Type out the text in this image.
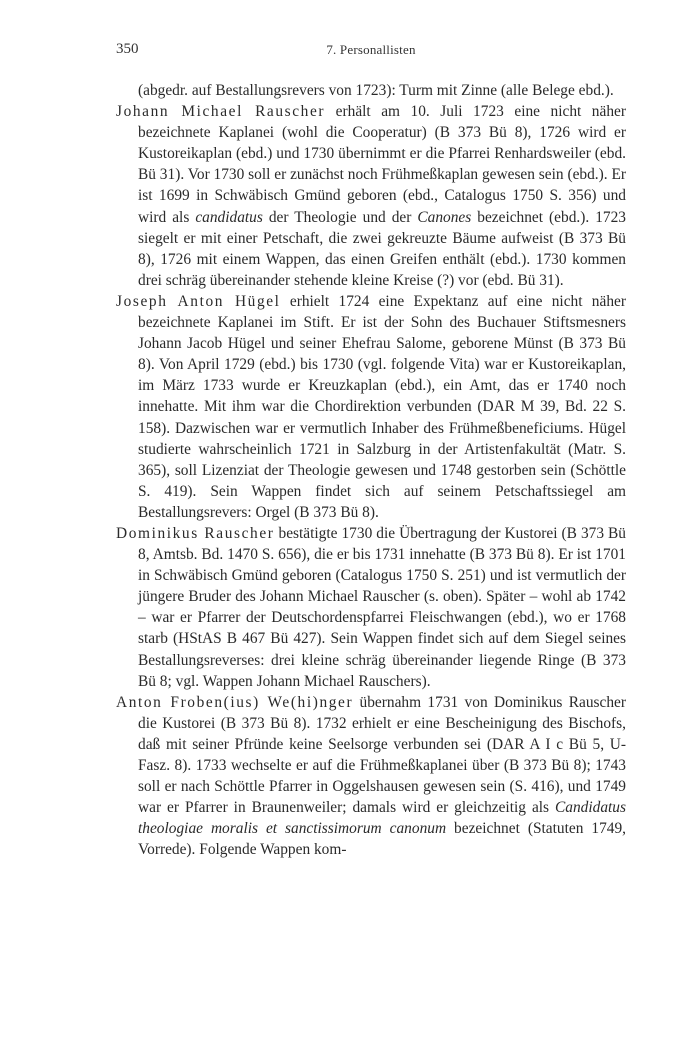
350	7. Personallisten

(abgedr. auf Bestallungsrevers von 1723): Turm mit Zinne (alle Belege ebd.).

Johann Michael Rauscher erhält am 10. Juli 1723 eine nicht näher bezeichnete Kaplanei (wohl die Cooperatur) (B 373 Bü 8), 1726 wird er Kustoreikaplan (ebd.) und 1730 übernimmt er die Pfarrei Renhardsweiler (ebd. Bü 31). Vor 1730 soll er zunächst noch Frühmeßkaplan gewesen sein (ebd.). Er ist 1699 in Schwäbisch Gmünd geboren (ebd., Catalogus 1750 S. 356) und wird als candidatus der Theologie und der Canones bezeichnet (ebd.). 1723 siegelt er mit einer Petschaft, die zwei gekreuzte Bäume aufweist (B 373 Bü 8), 1726 mit einem Wappen, das einen Greifen enthält (ebd.). 1730 kommen drei schräg übereinander stehende kleine Kreise (?) vor (ebd. Bü 31).

Joseph Anton Hügel erhielt 1724 eine Expektanz auf eine nicht näher bezeichnete Kaplanei im Stift. Er ist der Sohn des Buchauer Stiftsmesners Johann Jacob Hügel und seiner Ehefrau Salome, geborene Münst (B 373 Bü 8). Von April 1729 (ebd.) bis 1730 (vgl. folgende Vita) war er Kustoreikaplan, im März 1733 wurde er Kreuzkaplan (ebd.), ein Amt, das er 1740 noch innehatte. Mit ihm war die Chordirektion verbunden (DAR M 39, Bd. 22 S. 158). Dazwischen war er vermutlich Inhaber des Frühmeßbeneficiums. Hügel studierte wahrscheinlich 1721 in Salzburg in der Artistenfakultät (Matr. S. 365), soll Lizenziat der Theologie gewesen und 1748 gestorben sein (Schöttle S. 419). Sein Wappen findet sich auf seinem Petschaftssiegel am Bestallungsrevers: Orgel (B 373 Bü 8).

Dominikus Rauscher bestätigte 1730 die Übertragung der Kustorei (B 373 Bü 8, Amtsb. Bd. 1470 S. 656), die er bis 1731 innehatte (B 373 Bü 8). Er ist 1701 in Schwäbisch Gmünd geboren (Catalogus 1750 S. 251) und ist vermutlich der jüngere Bruder des Johann Michael Rauscher (s. oben). Später – wohl ab 1742 – war er Pfarrer der Deutschordenspfarrei Fleischwangen (ebd.), wo er 1768 starb (HStAS B 467 Bü 427). Sein Wappen findet sich auf dem Siegel seines Bestallungsreverses: drei kleine schräg übereinander liegende Ringe (B 373 Bü 8; vgl. Wappen Johann Michael Rauschers).

Anton Froben(ius) We(hi)nger übernahm 1731 von Dominikus Rauscher die Kustorei (B 373 Bü 8). 1732 erhielt er eine Bescheinigung des Bischofs, daß mit seiner Pfründe keine Seelsorge verbunden sei (DAR A I c Bü 5, U-Fasz. 8). 1733 wechselte er auf die Frühmeßkaplanei über (B 373 Bü 8); 1743 soll er nach Schöttle Pfarrer in Oggelshausen gewesen sein (S. 416), und 1749 war er Pfarrer in Braunenweiler; damals wird er gleichzeitig als Candidatus theologiae moralis et sanctissimorum canonum bezeichnet (Statuten 1749, Vorrede). Folgende Wappen kom-
